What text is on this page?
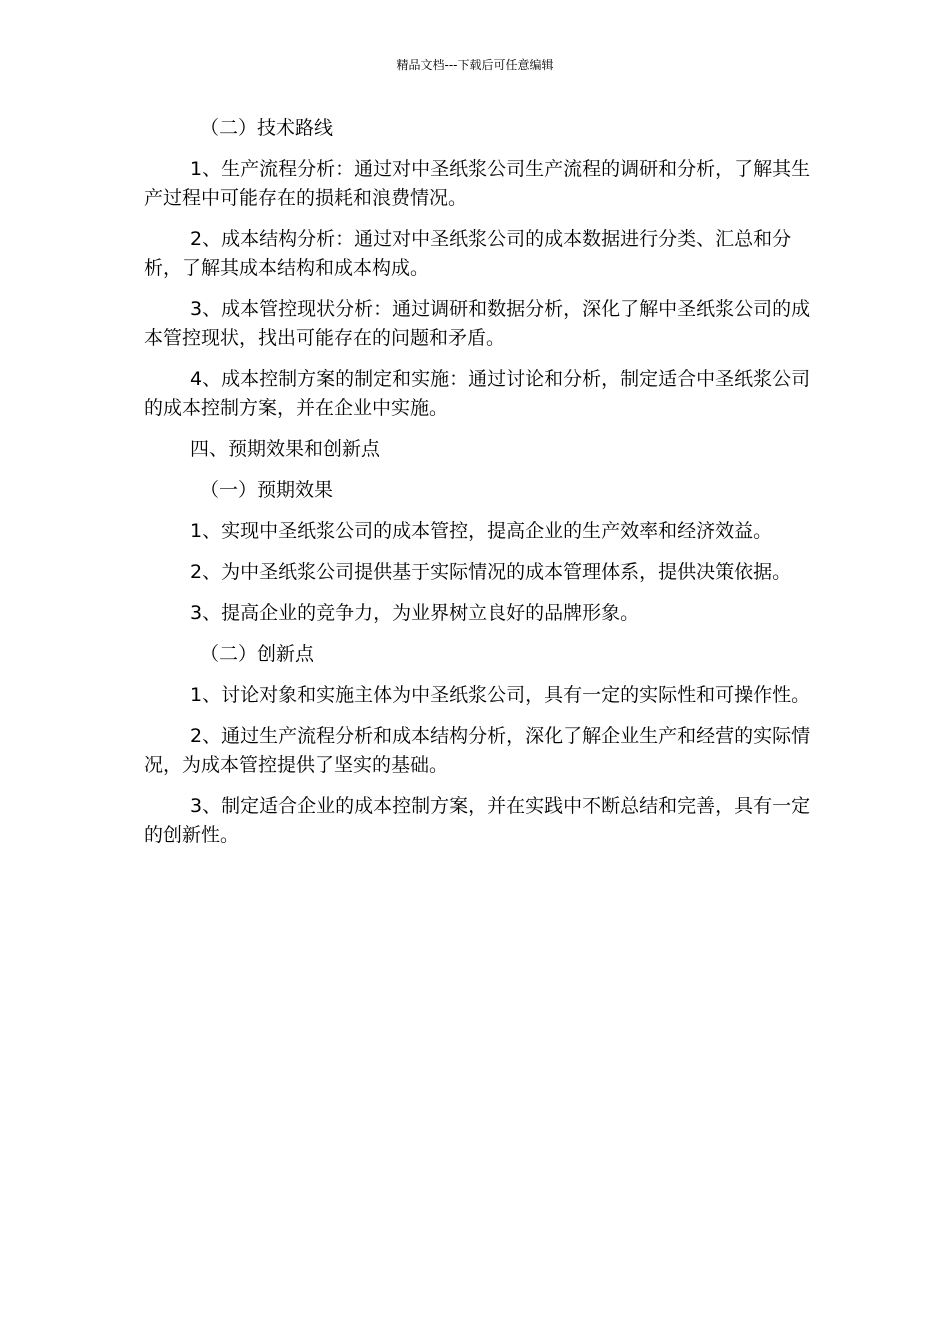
精品文档---下载后可任意编辑

（二）技术路线

1、生产流程分析：通过对中圣纸浆公司生产流程的调研和分析，了解其生产过程中可能存在的损耗和浪费情况。

2、成本结构分析：通过对中圣纸浆公司的成本数据进行分类、汇总和分析，了解其成本结构和成本构成。

3、成本管控现状分析：通过调研和数据分析，深化了解中圣纸浆公司的成本管控现状，找出可能存在的问题和矛盾。

4、成本控制方案的制定和实施：通过讨论和分析，制定适合中圣纸浆公司的成本控制方案，并在企业中实施。

四、预期效果和创新点

（一）预期效果

1、实现中圣纸浆公司的成本管控，提高企业的生产效率和经济效益。

2、为中圣纸浆公司提供基于实际情况的成本管理体系，提供决策依据。

3、提高企业的竞争力，为业界树立良好的品牌形象。

（二）创新点

1、讨论对象和实施主体为中圣纸浆公司，具有一定的实际性和可操作性。

2、通过生产流程分析和成本结构分析，深化了解企业生产和经营的实际情况，为成本管控提供了坚实的基础。

3、制定适合企业的成本控制方案，并在实践中不断总结和完善，具有一定的创新性。
